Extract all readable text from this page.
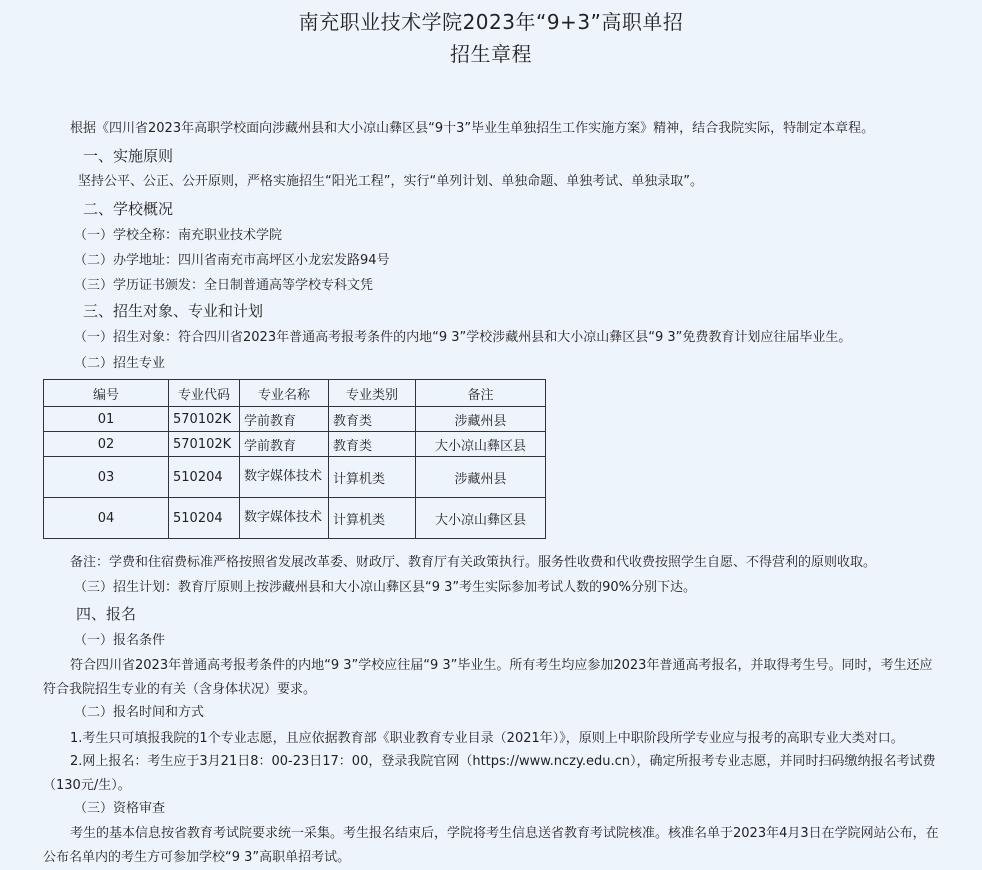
南充职业技术学院2023年“9+3”高职单招
招生章程
根据《四川省2023年高职学校面向涉藏州县和大小凉山彝区县“9十3”毕业生单独招生工作实施方案》精神，结合我院实际，特制定本章程。
一、实施原则
坚持公平、公正、公开原则，严格实施招生“阳光工程”，实行“单列计划、单独命题、单独考试、单独录取”。
二、学校概况
（一）学校全称：南充职业技术学院
（二）办学地址：四川省南充市高坪区小龙宏发路94号
（三）学历证书颁发：全日制普通高等学校专科文凭
三、招生对象、专业和计划
（一）招生对象：符合四川省2023年普通高考报考条件的内地“9 3”学校涉藏州县和大小凉山彝区县“9 3”免费教育计划应往届毕业生。
（二）招生专业
编号	专业代码	专业名称	专业类别	备注
01	570102K	学前教育	教育类	涉藏州县
02	570102K	学前教育	教育类	大小凉山彝区县
03	510204	数字媒体技术	计算机类	涉藏州县
04	510204	数字媒体技术	计算机类	大小凉山彝区县
备注：学费和住宿费标准严格按照省发展改革委、财政厅、教育厅有关政策执行。服务性收费和代收费按照学生自愿、不得营利的原则收取。
（三）招生计划：教育厅原则上按涉藏州县和大小凉山彝区县“9 3”考生实际参加考试人数的90%分别下达。
四、报名
（一）报名条件
符合四川省2023年普通高考报考条件的内地“9 3”学校应往届“9 3”毕业生。所有考生均应参加2023年普通高考报名，并取得考生号。同时，考生还应符合我院招生专业的有关（含身体状况）要求。
（二）报名时间和方式
1.考生只可填报我院的1个专业志愿，且应依据教育部《职业教育专业目录（2021年）》，原则上中职阶段所学专业应与报考的高职专业大类对口。
2.网上报名：考生应于3月21日8：00-23日17：00，登录我院官网（https://www.nczy.edu.cn），确定所报考专业志愿，并同时扫码缴纳报名考试费（130元/生）。
（三）资格审查
考生的基本信息按省教育考试院要求统一采集。考生报名结束后，学院将考生信息送省教育考试院核准。核准名单于2023年4月3日在学院网站公布，在公布名单内的考生方可参加学校“9 3”高职单招考试。
